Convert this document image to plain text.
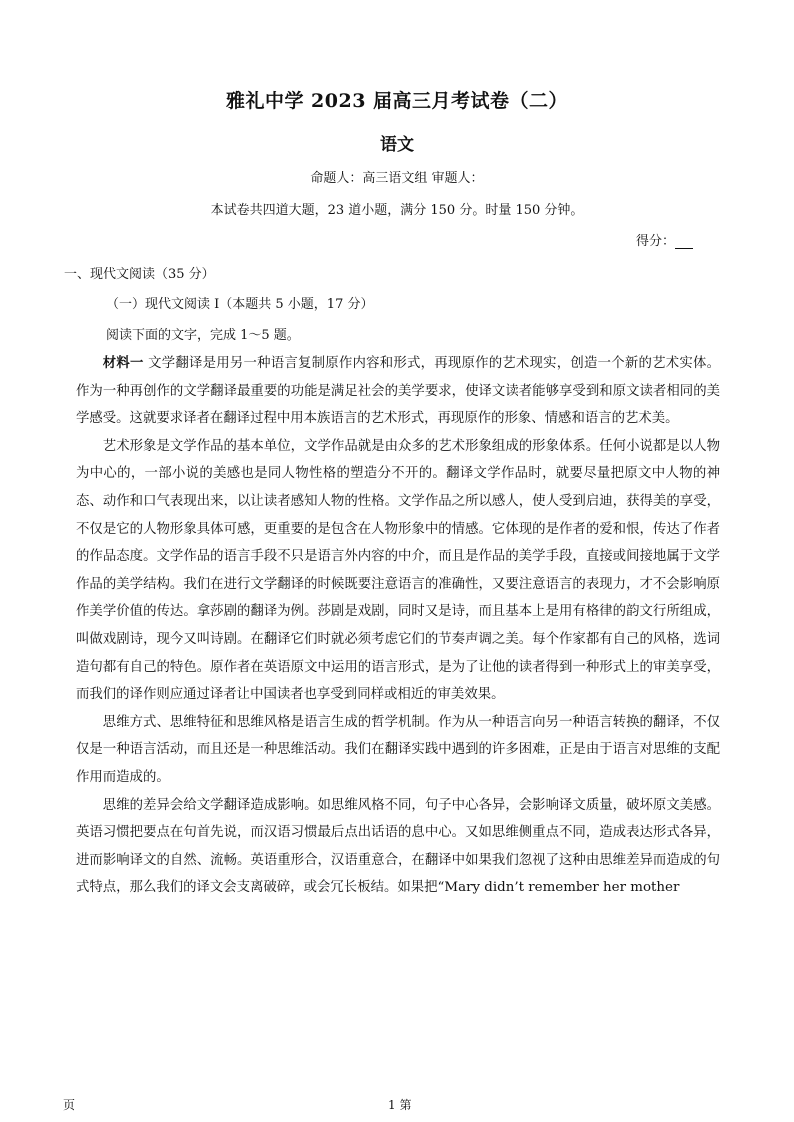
雅礼中学 2023 届高三月考试卷（二）
语文
命题人：高三语文组 审题人：
本试卷共四道大题，23 道小题，满分 150 分。时量 150 分钟。
得分：
一、现代文阅读（35 分）
（一）现代文阅读 I（本题共 5 小题，17 分）
阅读下面的文字，完成 1～5 题。

材料一 文学翻译是用另一种语言复制原作内容和形式，再现原作的艺术现实，创造一个新的艺术实体。作为一种再创作的文学翻译最重要的功能是满足社会的美学要求，使译文读者能够享受到和原文读者相同的美学感受。这就要求译者在翻译过程中用本族语言的艺术形式，再现原作的形象、情感和语言的艺术美。

艺术形象是文学作品的基本单位，文学作品就是由众多的艺术形象组成的形象体系。任何小说都是以人物为中心的，一部小说的美感也是同人物性格的塑造分不开的。翻译文学作品时，就要尽量把原文中人物的神态、动作和口气表现出来，以让读者感知人物的性格。文学作品之所以感人，使人受到启迪，获得美的享受，不仅是它的人物形象具体可感，更重要的是包含在人物形象中的情感。它体现的是作者的爱和恨，传达了作者的作品态度。文学作品的语言手段不只是语言外内容的中介，而且是作品的美学手段，直接或间接地属于文学作品的美学结构。我们在进行文学翻译的时候既要注意语言的准确性，又要注意语言的表现力，才不会影响原作美学价值的传达。拿莎剧的翻译为例。莎剧是戏剧，同时又是诗，而且基本上是用有格律的韵文行所组成，叫做戏剧诗，现今又叫诗剧。在翻译它们时就必须考虑它们的节奏声调之美。每个作家都有自己的风格，选词造句都有自己的特色。原作者在英语原文中运用的语言形式，是为了让他的读者得到一种形式上的审美享受，而我们的译作则应通过译者让中国读者也享受到同样或相近的审美效果。

思维方式、思维特征和思维风格是语言生成的哲学机制。作为从一种语言向另一种语言转换的翻译，不仅仅是一种语言活动，而且还是一种思维活动。我们在翻译实践中遇到的许多困难，正是由于语言对思维的支配作用而造成的。

思维的差异会给文学翻译造成影响。如思维风格不同，句子中心各异，会影响译文质量，破坏原文美感。英语习惯把要点在句首先说，而汉语习惯最后点出话语的息中心。又如思维侧重点不同，造成表达形式各异，进而影响译文的自然、流畅。英语重形合，汉语重意合，在翻译中如果我们忽视了这种由思维差异而造成的句式特点，那么我们的译文会支离破碎，或会冗长板结。如果把“Mary didn’t remember her mother

页	1 第
